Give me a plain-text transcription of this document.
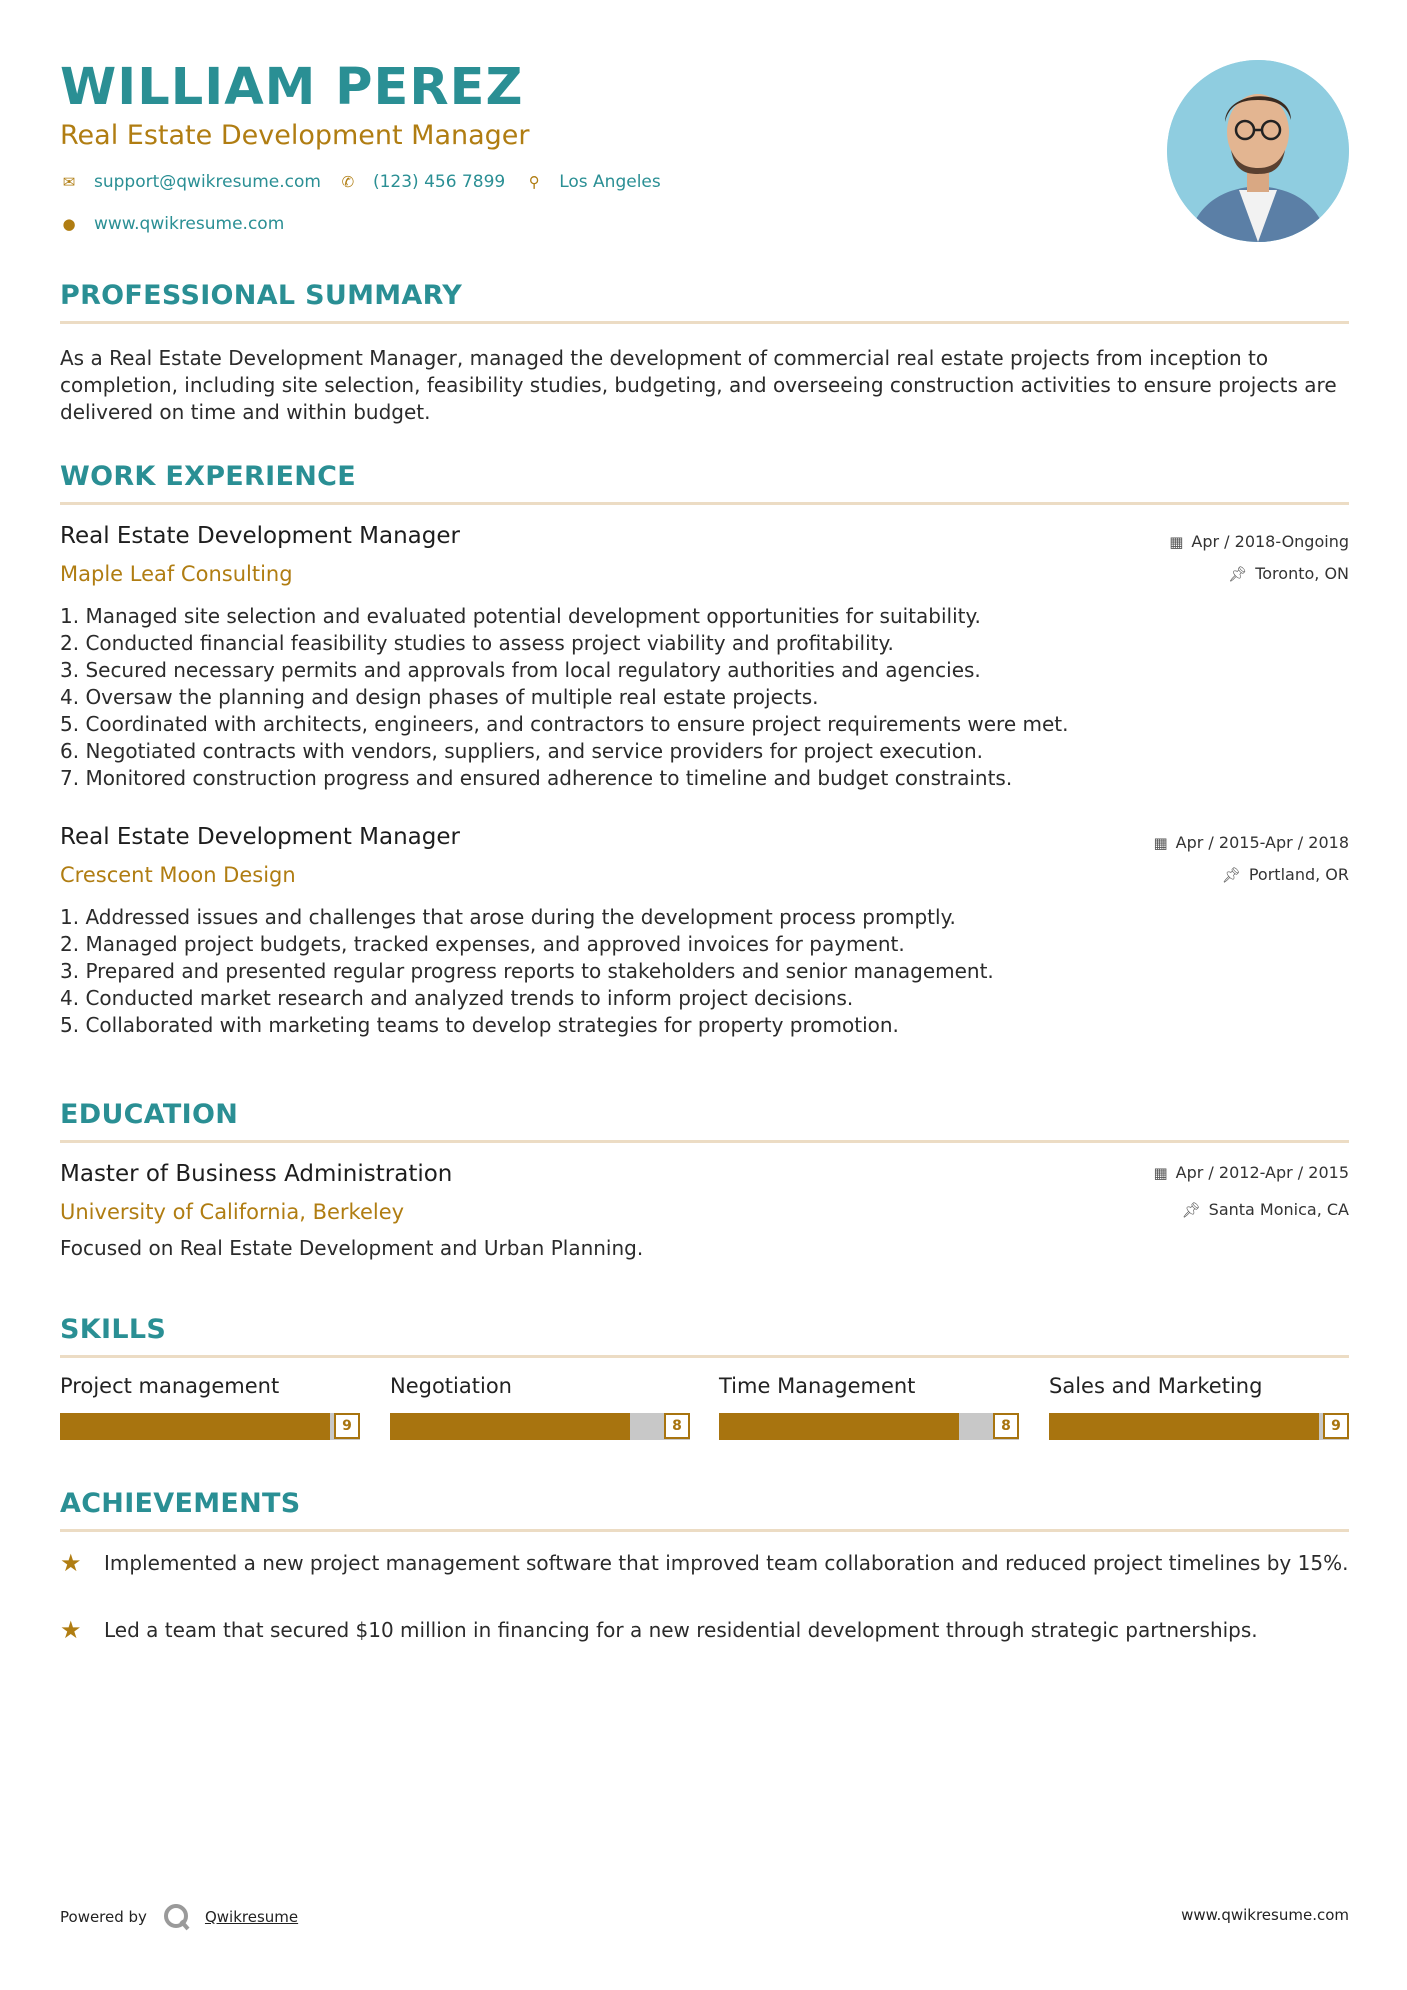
WILLIAM PEREZ
Real Estate Development Manager
✉ support@qwikresume.com ✆ (123) 456 7899 ⚲ Los Angeles
● www.qwikresume.com
PROFESSIONAL SUMMARY
As a Real Estate Development Manager, managed the development of commercial real estate projects from inception to completion, including site selection, feasibility studies, budgeting, and overseeing construction activities to ensure projects are delivered on time and within budget.
WORK EXPERIENCE
Real Estate Development Manager
Maple Leaf Consulting
▦ Apr / 2018-Ongoing
📌︎ Toronto, ON
1. Managed site selection and evaluated potential development opportunities for suitability.
2. Conducted financial feasibility studies to assess project viability and profitability.
3. Secured necessary permits and approvals from local regulatory authorities and agencies.
4. Oversaw the planning and design phases of multiple real estate projects.
5. Coordinated with architects, engineers, and contractors to ensure project requirements were met.
6. Negotiated contracts with vendors, suppliers, and service providers for project execution.
7. Monitored construction progress and ensured adherence to timeline and budget constraints.
Real Estate Development Manager
Crescent Moon Design
▦ Apr / 2015-Apr / 2018
📌︎ Portland, OR
1. Addressed issues and challenges that arose during the development process promptly.
2. Managed project budgets, tracked expenses, and approved invoices for payment.
3. Prepared and presented regular progress reports to stakeholders and senior management.
4. Conducted market research and analyzed trends to inform project decisions.
5. Collaborated with marketing teams to develop strategies for property promotion.
EDUCATION
Master of Business Administration
University of California, Berkeley
▦ Apr / 2012-Apr / 2015
📌︎ Santa Monica, CA
Focused on Real Estate Development and Urban Planning.
SKILLS
Project management
9
Negotiation
8
Time Management
8
Sales and Marketing
9
ACHIEVEMENTS
★	Implemented a new project management software that improved team collaboration and reduced project timelines by 15%.
★	Led a team that secured $10 million in financing for a new residential development through strategic partnerships.
Powered by	Qwikresume	www.qwikresume.com
